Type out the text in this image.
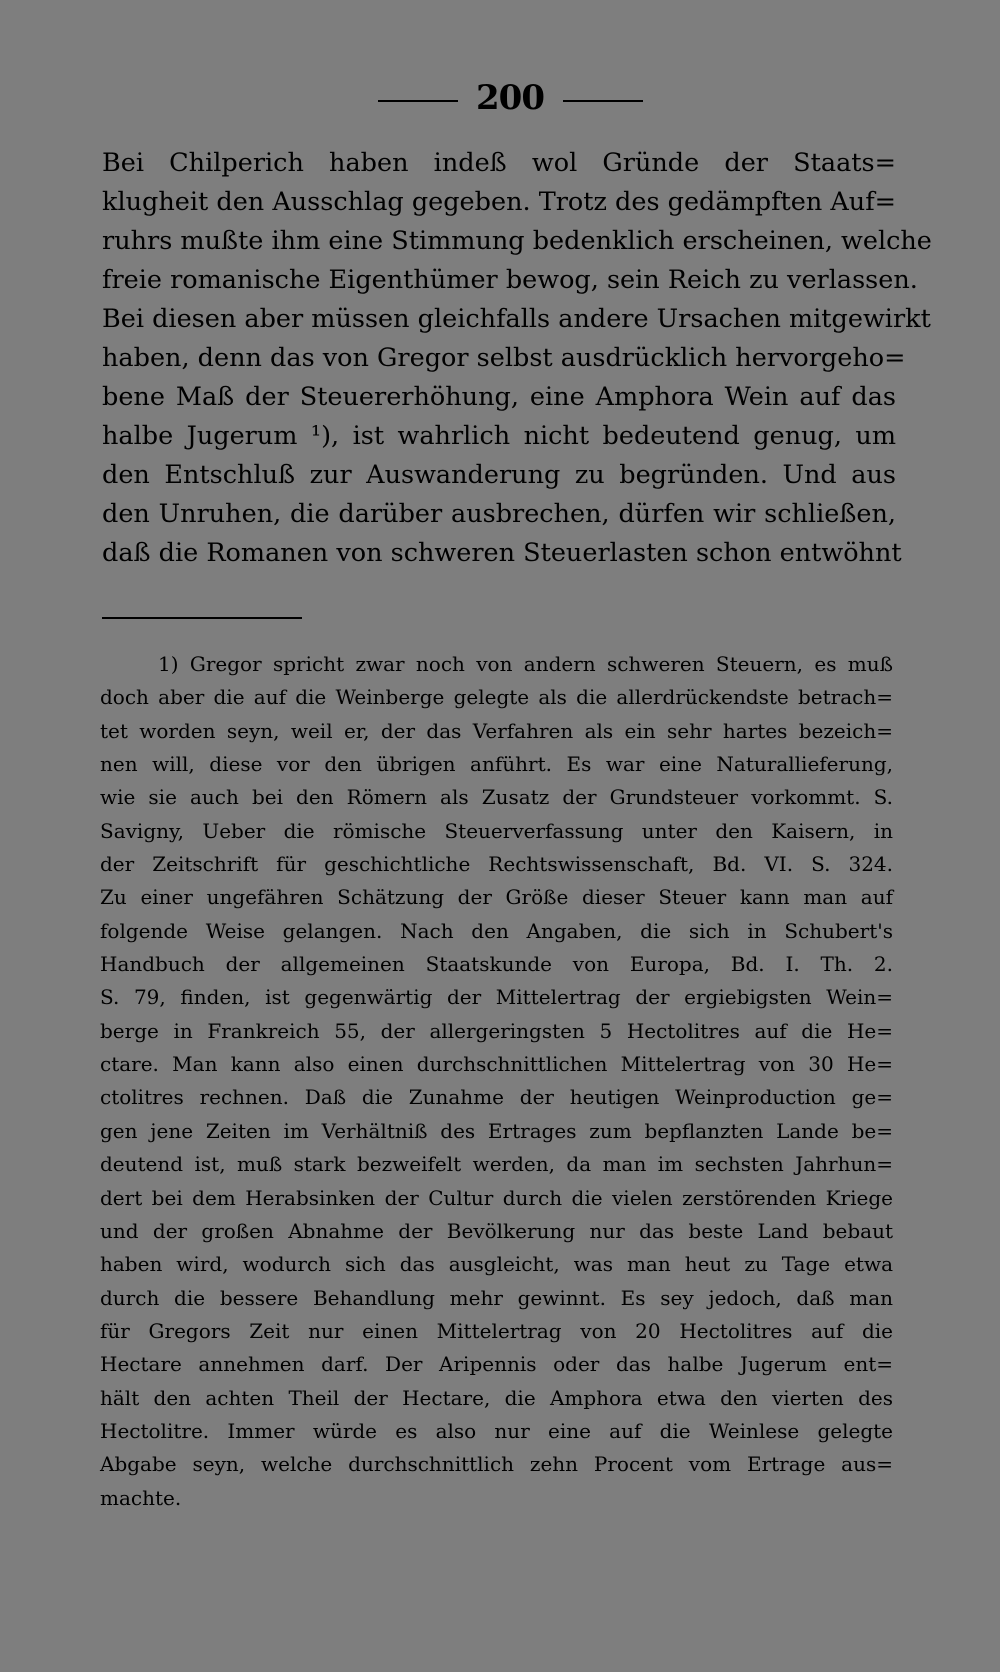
200
Bei Chilperich haben indeß wol Gründe der Staats=
klugheit den Ausschlag gegeben. Trotz des gedämpften Auf=
ruhrs mußte ihm eine Stimmung bedenklich erscheinen, welche
freie romanische Eigenthümer bewog, sein Reich zu verlassen.
Bei diesen aber müssen gleichfalls andere Ursachen mitgewirkt
haben, denn das von Gregor selbst ausdrücklich hervorgeho=
bene Maß der Steuererhöhung, eine Amphora Wein auf das
halbe Jugerum ¹), ist wahrlich nicht bedeutend genug, um
den Entschluß zur Auswanderung zu begründen. Und aus
den Unruhen, die darüber ausbrechen, dürfen wir schließen,
daß die Romanen von schweren Steuerlasten schon entwöhnt
1) Gregor spricht zwar noch von andern schweren Steuern, es muß
doch aber die auf die Weinberge gelegte als die allerdrückendste betrach=
tet worden seyn, weil er, der das Verfahren als ein sehr hartes bezeich=
nen will, diese vor den übrigen anführt. Es war eine Naturallieferung,
wie sie auch bei den Römern als Zusatz der Grundsteuer vorkommt. S.
Savigny, Ueber die römische Steuerverfassung unter den Kaisern, in
der Zeitschrift für geschichtliche Rechtswissenschaft, Bd. VI. S. 324.
Zu einer ungefähren Schätzung der Größe dieser Steuer kann man auf
folgende Weise gelangen. Nach den Angaben, die sich in Schubert's
Handbuch der allgemeinen Staatskunde von Europa, Bd. I. Th. 2.
S. 79, finden, ist gegenwärtig der Mittelertrag der ergiebigsten Wein=
berge in Frankreich 55, der allergeringsten 5 Hectolitres auf die He=
ctare. Man kann also einen durchschnittlichen Mittelertrag von 30 He=
ctolitres rechnen. Daß die Zunahme der heutigen Weinproduction ge=
gen jene Zeiten im Verhältniß des Ertrages zum bepflanzten Lande be=
deutend ist, muß stark bezweifelt werden, da man im sechsten Jahrhun=
dert bei dem Herabsinken der Cultur durch die vielen zerstörenden Kriege
und der großen Abnahme der Bevölkerung nur das beste Land bebaut
haben wird, wodurch sich das ausgleicht, was man heut zu Tage etwa
durch die bessere Behandlung mehr gewinnt. Es sey jedoch, daß man
für Gregors Zeit nur einen Mittelertrag von 20 Hectolitres auf die
Hectare annehmen darf. Der Aripennis oder das halbe Jugerum ent=
hält den achten Theil der Hectare, die Amphora etwa den vierten des
Hectolitre. Immer würde es also nur eine auf die Weinlese gelegte
Abgabe seyn, welche durchschnittlich zehn Procent vom Ertrage aus=
machte.
